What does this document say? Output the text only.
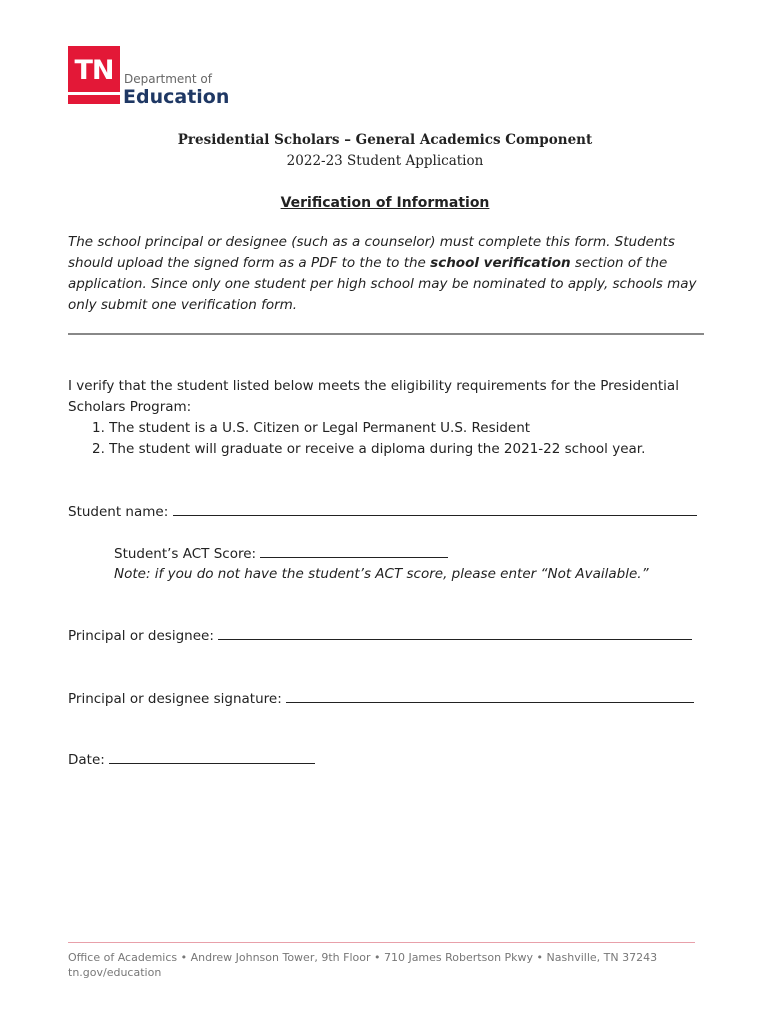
TN Department of
Education
Presidential Scholars – General Academics Component
2022-23 Student Application
Verification of Information
The school principal or designee (such as a counselor) must complete this form. Students should upload the signed form as a PDF to the to the school verification section of the application. Since only one student per high school may be nominated to apply, schools may only submit one verification form.
I verify that the student listed below meets the eligibility requirements for the Presidential Scholars Program:
1. The student is a U.S. Citizen or Legal Permanent U.S. Resident
2. The student will graduate or receive a diploma during the 2021-22 school year.
Student name:
Student’s ACT Score:
Note: if you do not have the student’s ACT score, please enter “Not Available.”
Principal or designee:
Principal or designee signature:
Date:
Office of Academics • Andrew Johnson Tower, 9th Floor • 710 James Robertson Pkwy • Nashville, TN 37243
tn.gov/education
